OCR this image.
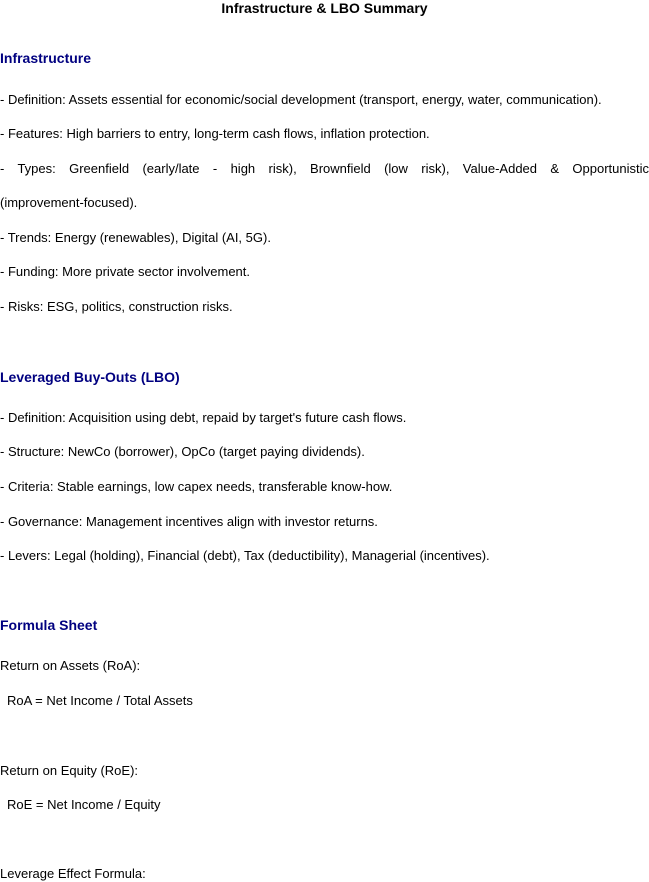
Infrastructure & LBO Summary
Infrastructure

- Definition: Assets essential for economic/social development (transport, energy, water, communication).

- Features: High barriers to entry, long-term cash flows, inflation protection.

- Types: Greenfield (early/late - high risk), Brownfield (low risk), Value-Added & Opportunistic

(improvement-focused).

- Trends: Energy (renewables), Digital (AI, 5G).

- Funding: More private sector involvement.

- Risks: ESG, politics, construction risks.

Leveraged Buy-Outs (LBO)

- Definition: Acquisition using debt, repaid by target's future cash flows.

- Structure: NewCo (borrower), OpCo (target paying dividends).

- Criteria: Stable earnings, low capex needs, transferable know-how.

- Governance: Management incentives align with investor returns.

- Levers: Legal (holding), Financial (debt), Tax (deductibility), Managerial (incentives).

Formula Sheet

Return on Assets (RoA):

RoA = Net Income / Total Assets

Return on Equity (RoE):

RoE = Net Income / Equity

Leverage Effect Formula:
